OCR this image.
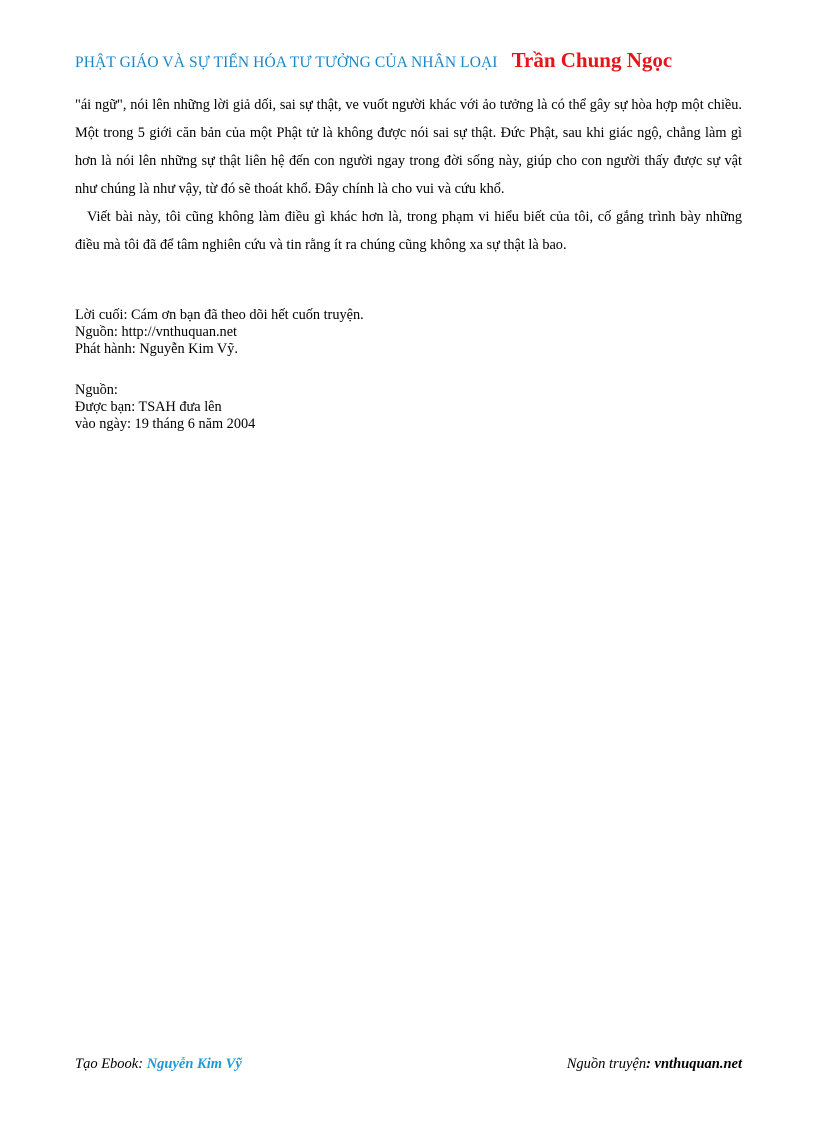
PHẬT GIÁO VÀ SỰ TIẾN HÓA TƯ TƯỞNG CỦA NHÂN LOẠI Trần Chung Ngọc

"ái ngữ", nói lên những lời giả dối, sai sự thật, ve vuốt người khác với ảo tưởng là có thể gây sự hòa hợp một chiều. Một trong 5 giới căn bản của một Phật tử là không được nói sai sự thật. Đức Phật, sau khi giác ngộ, chẳng làm gì hơn là nói lên những sự thật liên hệ đến con người ngay trong đời sống này, giúp cho con người thấy được sự vật như chúng là như vậy, từ đó sẽ thoát khổ. Đây chính là cho vui và cứu khổ.

Viết bài này, tôi cũng không làm điều gì khác hơn là, trong phạm vi hiểu biết của tôi, cố gắng trình bày những điều mà tôi đã để tâm nghiên cứu và tin rằng ít ra chúng cũng không xa sự thật là bao.

Lời cuối: Cám ơn bạn đã theo dõi hết cuốn truyện.
Nguồn: http://vnthuquan.net
Phát hành: Nguyễn Kim Vỹ.
Nguồn:
Được bạn: TSAH đưa lên
vào ngày: 19 tháng 6 năm 2004
Tạo Ebook: Nguyễn Kim Vỹ	Nguồn truyện: vnthuquan.net
